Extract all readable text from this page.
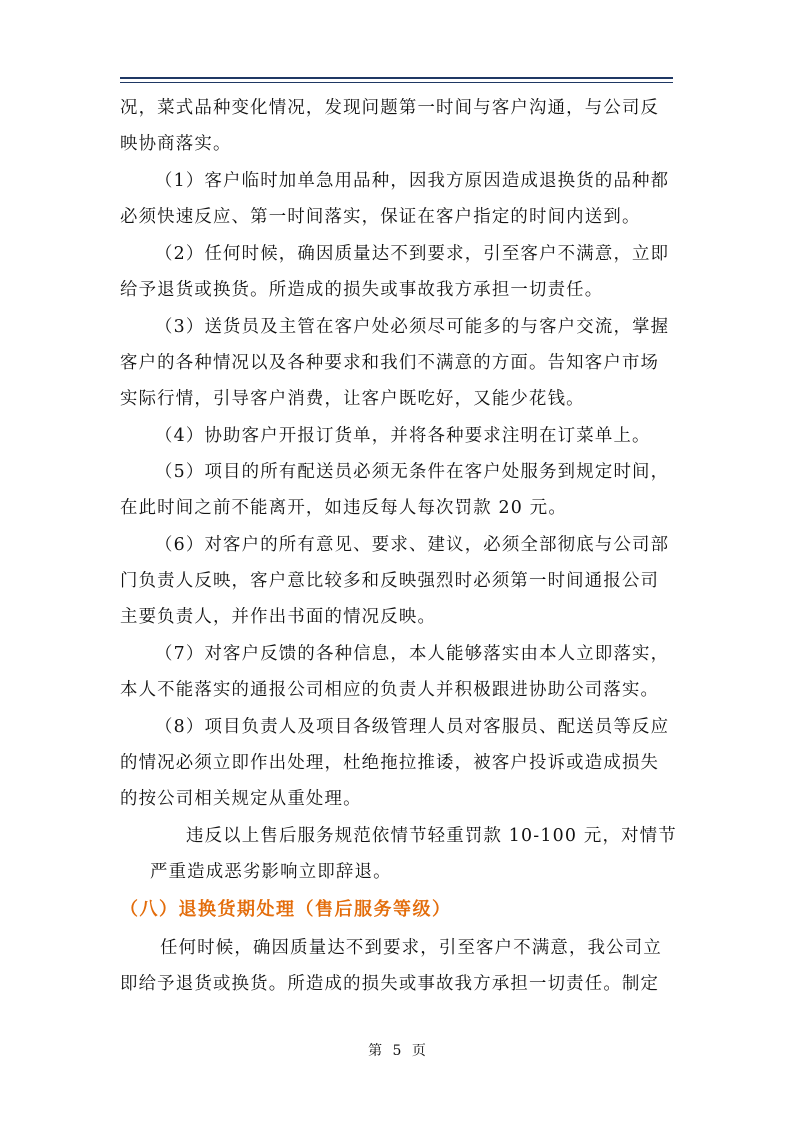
况，菜式品种变化情况，发现问题第一时间与客户沟通，与公司反
映协商落实。
（1）客户临时加单急用品种，因我方原因造成退换货的品种都
必须快速反应、第一时间落实，保证在客户指定的时间内送到。
（2）任何时候，确因质量达不到要求，引至客户不满意，立即
给予退货或换货。所造成的损失或事故我方承担一切责任。
（3）送货员及主管在客户处必须尽可能多的与客户交流，掌握
客户的各种情况以及各种要求和我们不满意的方面。告知客户市场
实际行情，引导客户消费，让客户既吃好，又能少花钱。
（4）协助客户开报订货单，并将各种要求注明在订菜单上。
（5）项目的所有配送员必须无条件在客户处服务到规定时间，
在此时间之前不能离开，如违反每人每次罚款 20 元。
（6）对客户的所有意见、要求、建议，必须全部彻底与公司部
门负责人反映，客户意比较多和反映强烈时必须第一时间通报公司
主要负责人，并作出书面的情况反映。
（7）对客户反馈的各种信息，本人能够落实由本人立即落实，
本人不能落实的通报公司相应的负责人并积极跟进协助公司落实。
（8）项目负责人及项目各级管理人员对客服员、配送员等反应
的情况必须立即作出处理，杜绝拖拉推诿，被客户投诉或造成损失
的按公司相关规定从重处理。
违反以上售后服务规范依情节轻重罚款 10-100 元，对情节
严重造成恶劣影响立即辞退。
（八）退换货期处理（售后服务等级）
任何时候，确因质量达不到要求，引至客户不满意，我公司立
即给予退货或换货。所造成的损失或事故我方承担一切责任。制定
第 5 页
